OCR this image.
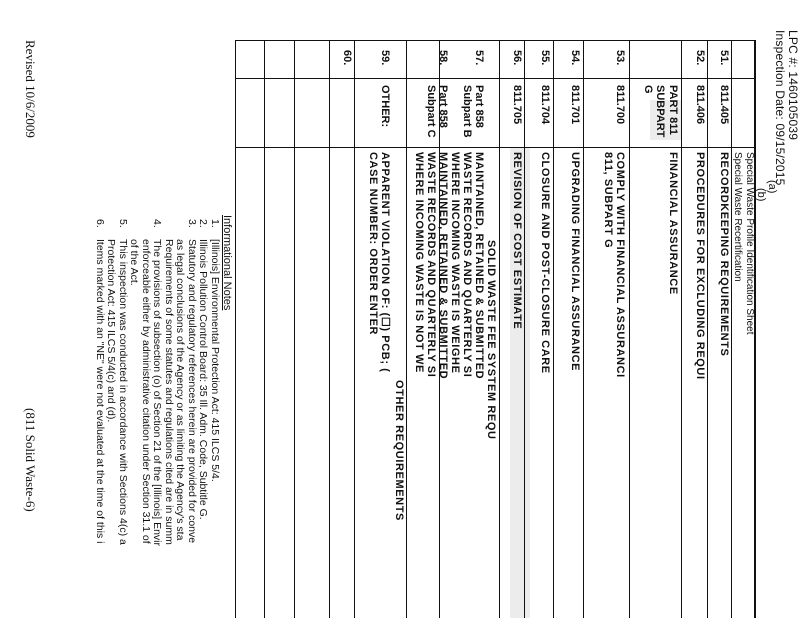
LPC #: 1460105039
Inspection Date: 09/15/2015
(a)
(b)
Special Waste Profile Identification Sheet
Special Waste Recertification
51.
811.405
RECORDKEEPING REQUIREMENTS
52.
811.406
PROCEDURES FOR EXCLUDING REQUI
PART 811
FINANCIAL ASSURANCE
SUBPART
G
53.
811.700
COMPLY WITH FINANCIAL ASSURANCI
811, SUBPART G
54.
811.701
UPGRADING FINANCIAL ASSURANCE
55.
811.704
CLOSURE AND POST-CLOSURE CARE
56.
811.705
REVISION OF COST ESTIMATE
SOLID WASTE FEE SYSTEM REQU
57.
Part 858
MAINTAINED, RETAINED & SUBMITTED
Subpart B
WASTE RECORDS AND QUARTERLY SI
WHERE INCOMING WASTE IS WEIGHE
58.
Part 858
MAINTAINED, RETAINED & SUBMITTED
Subpart C
WASTE RECORDS AND QUARTERLY SI
WHERE INCOMING WASTE IS NOT WE
OTHER REQUIREMENTS
59.
OTHER:
APPARENT VIOLATION OF: (☐) PCB; (
CASE NUMBER: ORDER ENTER
60.
Informational Notes
1.
[Illinois] Environmental Protection Act: 415 ILCS 5/4.
2.
Illinois Pollution Control Board: 35 Ill. Adm. Code, Subtitle G.
3.
Statutory and regulatory references herein are provided for conve
as legal conclusions of the Agency or as limiting the Agency's sta
Requirements of some statutes and regulations cited are in summ
4.
The provisions of subsection (o) of Section 21 of the [Illinois] Envir
enforceable either by administrative citation under Section 31.1 of
of the Act.
5.
This inspection was conducted in accordance with Sections 4(c) a
Protection Act: 415 ILCS 5/4(c) and (d).
6.
Items marked with an "NE" were not evaluated at the time of this i
Revised 10/6/2009
(811 Solid Waste-6)
